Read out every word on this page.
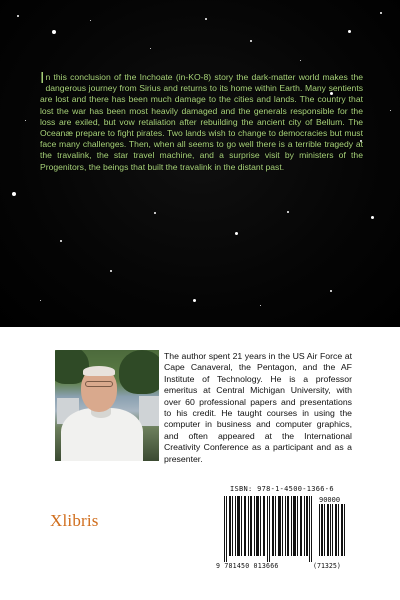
In this conclusion of the Inchoate (in-KO-8) story the dark-matter world makes the dangerous journey from Sirius and returns to its home within Earth. Many sentients are lost and there has been much damage to the cities and lands. The country that lost the war has been most heavily damaged and the generals responsible for the loss are exiled, but vow retaliation after rebuilding the ancient city of Bellum. The Oceanæ prepare to fight pirates. Two lands wish to change to democracies but must face many challenges. Then, when all seems to go well there is a terrible tragedy at the travalink, the star travel machine, and a surprise visit by ministers of the Progenitors, the beings that built the travalink in the distant past.
The author spent 21 years in the US Air Force at Cape Canaveral, the Pentagon, and the AF Institute of Technology. He is a professor emeritus at Central Michigan University, with over 60 professional papers and presentations to his credit. He taught courses in using the computer in business and computer graphics, and often appeared at the International Creativity Conference as a participant and as a presenter.
Xlibris
ISBN: 978-1-4500-1366-6
90000
9 781450 013666	(71325)
